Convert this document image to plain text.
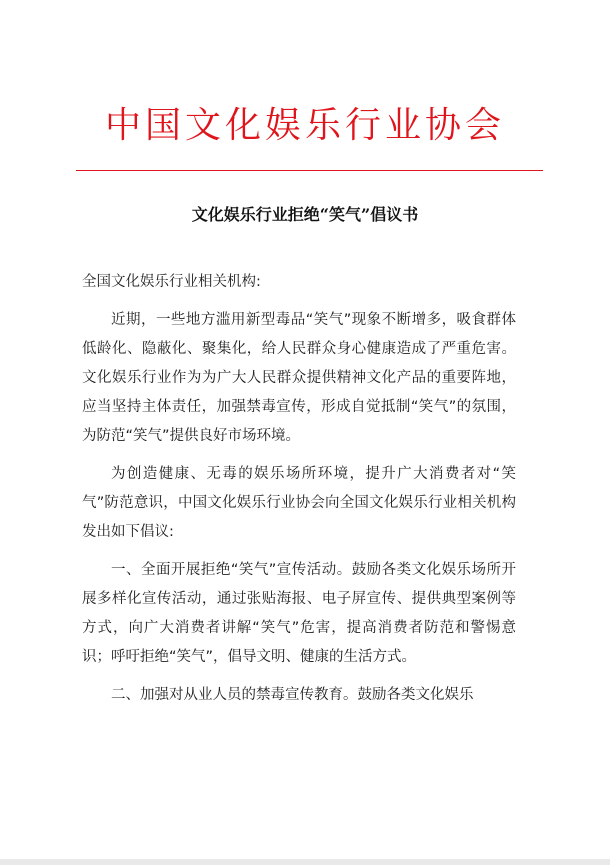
中国文化娱乐行业协会
文化娱乐行业拒绝“笑气”倡议书

全国文化娱乐行业相关机构:

近期，一些地方滥用新型毒品“笑气”现象不断增多，吸食群体低龄化、隐蔽化、聚集化，给人民群众身心健康造成了严重危害。文化娱乐行业作为为广大人民群众提供精神文化产品的重要阵地，应当坚持主体责任，加强禁毒宣传，形成自觉抵制“笑气”的氛围，为防范“笑气”提供良好市场环境。

为创造健康、无毒的娱乐场所环境，提升广大消费者对“笑气”防范意识，中国文化娱乐行业协会向全国文化娱乐行业相关机构发出如下倡议:

一、全面开展拒绝“笑气”宣传活动。鼓励各类文化娱乐场所开展多样化宣传活动，通过张贴海报、电子屏宣传、提供典型案例等方式，向广大消费者讲解“笑气”危害，提高消费者防范和警惕意识；呼吁拒绝“笑气”，倡导文明、健康的生活方式。

二、加强对从业人员的禁毒宣传教育。鼓励各类文化娱乐
